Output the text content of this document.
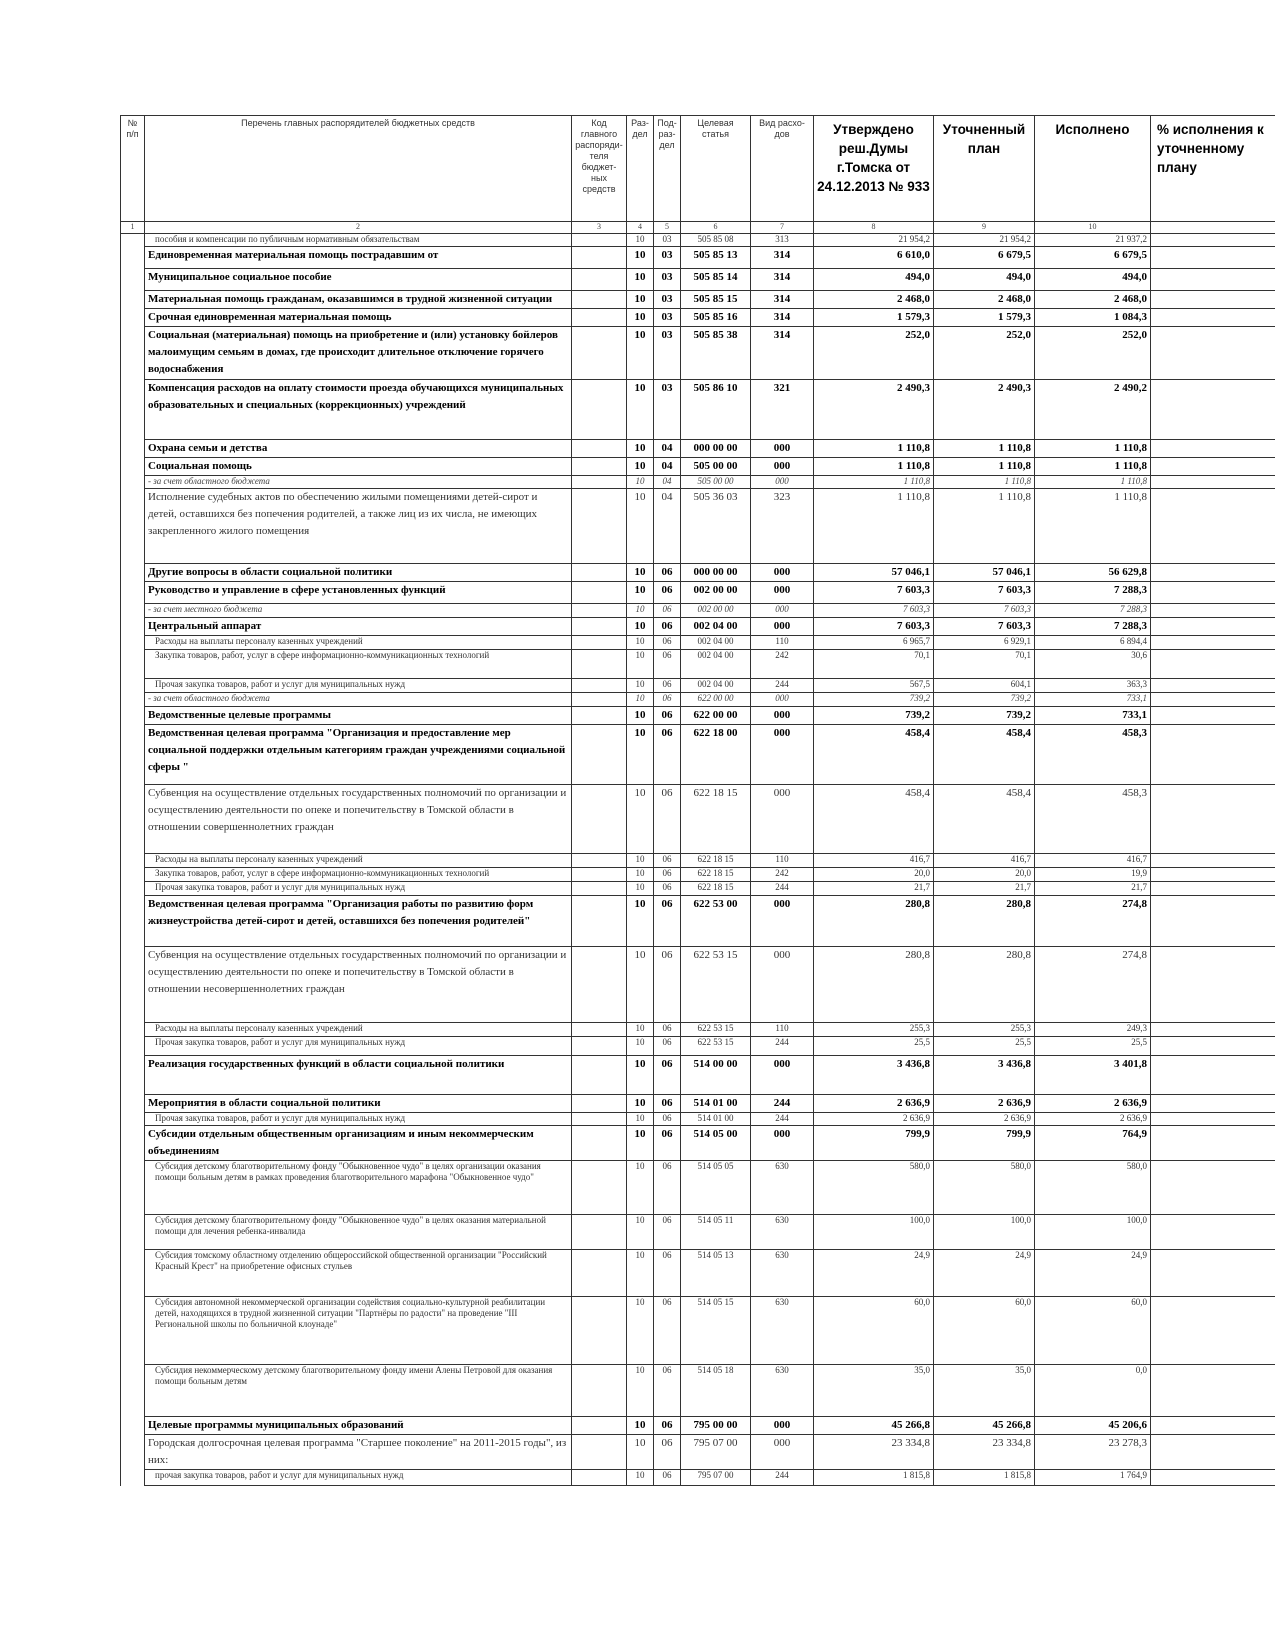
№ п/п	Перечень главных распорядителей бюджетных средств	Код главного распоряди-теля бюджет-ных средств	Раз-дел	Под-раз-дел	Целевая статья	Вид расхо-дов	Утверждено реш.Думы г.Томска от 24.12.2013 № 933	Уточненный план	Исполнено	% исполнения к уточненному плану
1	2	3	4	5	6	7	8	9	10	
	пособия и компенсации по публичным нормативным обязательствам		10	03	505 85 08	313	21 954,2	21 954,2	21 937,2	
	Единовременная материальная помощь пострадавшим от		10	03	505 85 13	314	6 610,0	6 679,5	6 679,5	
	Муниципальное социальное пособие		10	03	505 85 14	314	494,0	494,0	494,0	
	Материальная помощь гражданам, оказавшимся в трудной жизненной ситуации		10	03	505 85 15	314	2 468,0	2 468,0	2 468,0	
	Срочная единовременная материальная помощь		10	03	505 85 16	314	1 579,3	1 579,3	1 084,3	
	Социальная (материальная) помощь на приобретение и (или) установку бойлеров малоимущим семьям в домах, где происходит длительное отключение горячего водоснабжения		10	03	505 85 38	314	252,0	252,0	252,0	
	Компенсация расходов на оплату стоимости проезда обучающихся муниципальных образовательных и специальных (коррекционных) учреждений		10	03	505 86 10	321	2 490,3	2 490,3	2 490,2	
	Охрана семьи и детства		10	04	000 00 00	000	1 110,8	1 110,8	1 110,8	
	Социальная помощь		10	04	505 00 00	000	1 110,8	1 110,8	1 110,8	
	- за счет областного бюджета		10	04	505 00 00	000	1 110,8	1 110,8	1 110,8	
	Исполнение судебных актов по обеспечению жилыми помещениями детей-сирот и детей, оставшихся без попечения родителей, а также лиц из их числа, не имеющих закрепленного жилого помещения		10	04	505 36 03	323	1 110,8	1 110,8	1 110,8	
	Другие вопросы в области социальной политики		10	06	000 00 00	000	57 046,1	57 046,1	56 629,8	
	Руководство и управление в сфере установленных функций		10	06	002 00 00	000	7 603,3	7 603,3	7 288,3	
	- за счет местного бюджета		10	06	002 00 00	000	7 603,3	7 603,3	7 288,3	
	Центральный аппарат		10	06	002 04 00	000	7 603,3	7 603,3	7 288,3	
	Расходы на выплаты персоналу казенных учреждений		10	06	002 04 00	110	6 965,7	6 929,1	6 894,4	
	Закупка товаров, работ, услуг в сфере информационно-коммуникационных технологий		10	06	002 04 00	242	70,1	70,1	30,6	
	Прочая закупка товаров, работ и услуг для муниципальных нужд		10	06	002 04 00	244	567,5	604,1	363,3	
	- за счет областного бюджета		10	06	622 00 00	000	739,2	739,2	733,1	
	Ведомственные целевые программы		10	06	622 00 00	000	739,2	739,2	733,1	
	Ведомственная целевая программа "Организация и предоставление мер социальной поддержки отдельным категориям граждан учреждениями социальной сферы "		10	06	622 18 00	000	458,4	458,4	458,3	
	Субвенция на осуществление отдельных государственных полномочий по организации и осуществлению деятельности по опеке и попечительству в Томской области в отношении совершеннолетних граждан		10	06	622 18 15	000	458,4	458,4	458,3	
	Расходы на выплаты персоналу казенных учреждений		10	06	622 18 15	110	416,7	416,7	416,7	
	Закупка товаров, работ, услуг в сфере информационно-коммуникационных технологий		10	06	622 18 15	242	20,0	20,0	19,9	
	Прочая закупка товаров, работ и услуг для муниципальных нужд		10	06	622 18 15	244	21,7	21,7	21,7	
	Ведомственная целевая программа "Организация работы по развитию форм жизнеустройства детей-сирот и детей, оставшихся без попечения родителей"		10	06	622 53 00	000	280,8	280,8	274,8	
	Субвенция на осуществление отдельных государственных полномочий по организации и осуществлению деятельности по опеке и попечительству в Томской области в отношении несовершеннолетних граждан		10	06	622 53 15	000	280,8	280,8	274,8	
	Расходы на выплаты персоналу казенных учреждений		10	06	622 53 15	110	255,3	255,3	249,3	
	Прочая закупка товаров, работ и услуг для муниципальных нужд		10	06	622 53 15	244	25,5	25,5	25,5	
	Реализация государственных функций в области социальной политики		10	06	514 00 00	000	3 436,8	3 436,8	3 401,8	
	Мероприятия в области социальной политики		10	06	514 01 00	244	2 636,9	2 636,9	2 636,9	
	Прочая закупка товаров, работ и услуг для муниципальных нужд		10	06	514 01 00	244	2 636,9	2 636,9	2 636,9	
	Субсидии отдельным общественным организациям и иным некоммерческим объединениям		10	06	514 05 00	000	799,9	799,9	764,9	
	Субсидия детскому благотворительному фонду "Обыкновенное чудо" в целях организации оказания помощи больным детям в рамках проведения благотворительного марафона "Обыкновенное чудо"		10	06	514 05 05	630	580,0	580,0	580,0	
	Субсидия детскому благотворительному фонду "Обыкновенное чудо" в целях оказания материальной помощи для лечения ребенка-инвалида		10	06	514 05 11	630	100,0	100,0	100,0	
	Субсидия томскому областному отделению общероссийской общественной организации "Российский Красный Крест" на приобретение офисных стульев		10	06	514 05 13	630	24,9	24,9	24,9	
	Субсидия автономной некоммерческой организации содействия социально-культурной реабилитации детей, находящихся в трудной жизненной ситуации "Партнёры по радости" на проведение "III Региональной школы по больничной клоунаде"		10	06	514 05 15	630	60,0	60,0	60,0	
	Субсидия некоммерческому детскому благотворительному фонду имени Алены Петровой для оказания помощи больным детям		10	06	514 05 18	630	35,0	35,0	0,0	
	Целевые программы муниципальных образований		10	06	795 00 00	000	45 266,8	45 266,8	45 206,6	
	Городская долгосрочная целевая программа "Старшее поколение" на 2011-2015 годы", из них:		10	06	795 07 00	000	23 334,8	23 334,8	23 278,3	
	прочая закупка товаров, работ и услуг для муниципальных нужд		10	06	795 07 00	244	1 815,8	1 815,8	1 764,9	
